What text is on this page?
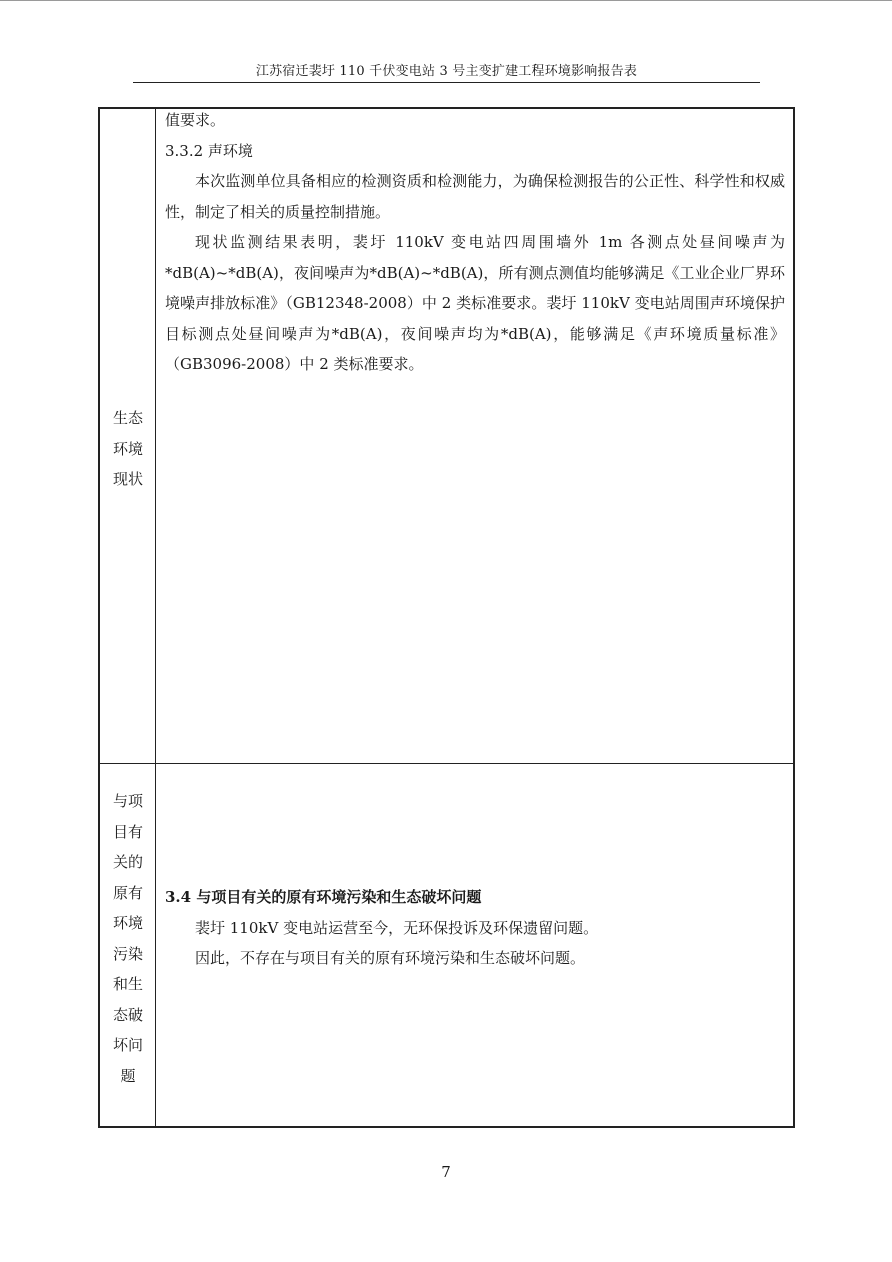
江苏宿迁裴圩 110 千伏变电站 3 号主变扩建工程环境影响报告表
生态
环境
现状

值要求。

3.3.2 声环境

本次监测单位具备相应的检测资质和检测能力，为确保检测报告的公正性、科学性和权威性，制定了相关的质量控制措施。

现状监测结果表明，裴圩 110kV 变电站四周围墙外 1m 各测点处昼间噪声为*dB(A)~*dB(A)，夜间噪声为*dB(A)~*dB(A)，所有测点测值均能够满足《工业企业厂界环境噪声排放标准》（GB12348-2008）中 2 类标准要求。裴圩 110kV 变电站周围声环境保护目标测点处昼间噪声为*dB(A)，夜间噪声均为*dB(A)，能够满足《声环境质量标准》（GB3096-2008）中 2 类标准要求。

与项
目有
关的
原有
环境
污染
和生
态破
坏问
题

3.4 与项目有关的原有环境污染和生态破坏问题

裴圩 110kV 变电站运营至今，无环保投诉及环保遗留问题。

因此，不存在与项目有关的原有环境污染和生态破坏问题。

7
